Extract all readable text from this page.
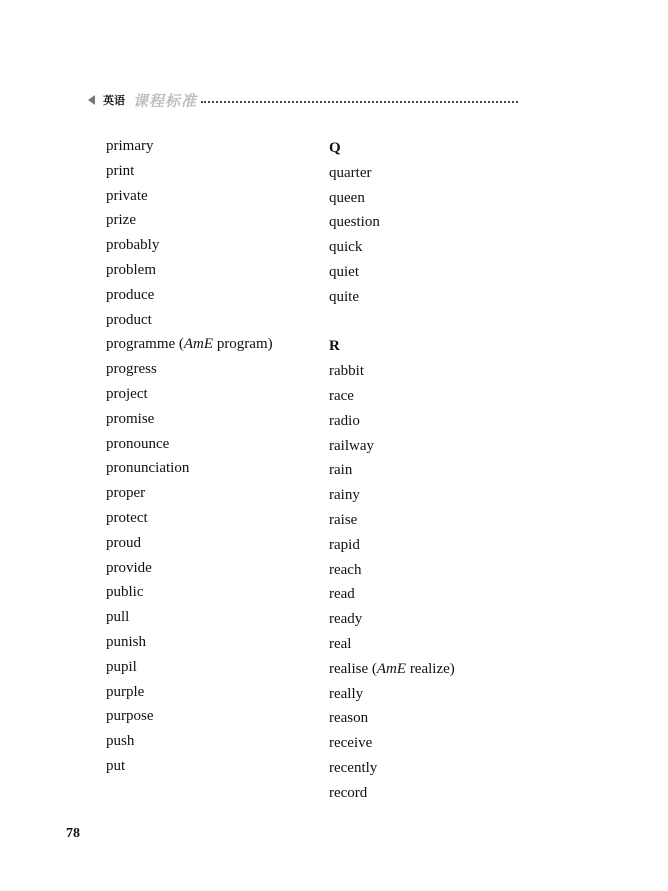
英语 课程标准
primary
print
private
prize
probably
problem
produce
product
programme (AmE program)
progress
project
promise
pronounce
pronunciation
proper
protect
proud
provide
public
pull
punish
pupil
purple
purpose
push
put
Q
quarter
queen
question
quick
quiet
quite
R
rabbit
race
radio
railway
rain
rainy
raise
rapid
reach
read
ready
real
realise (AmE realize)
really
reason
receive
recently
record
78
